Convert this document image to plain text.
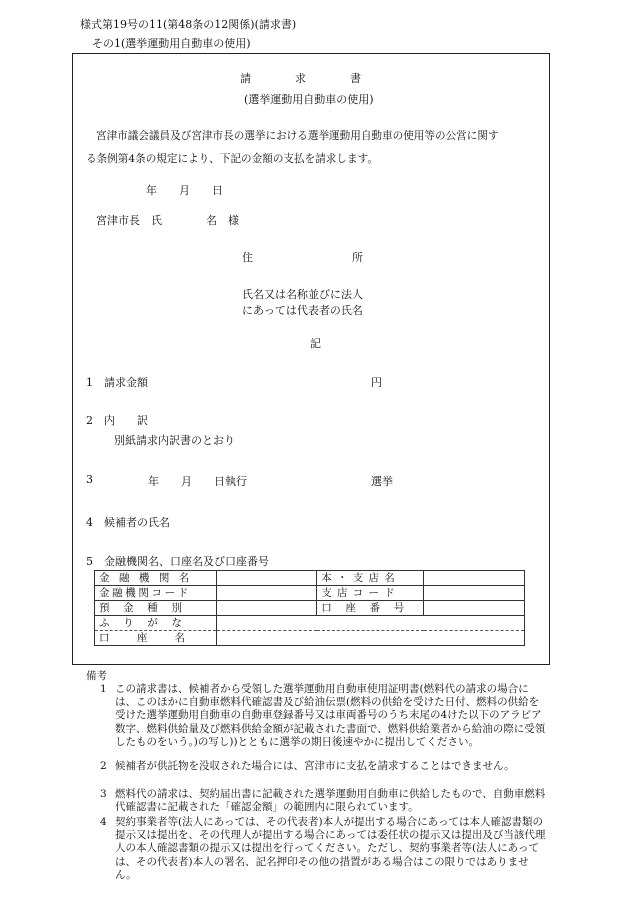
様式第19号の11(第48条の12関係)(請求書)
その1(選挙運動用自動車の使用)
請　　　　求　　　　書
(選挙運動用自動車の使用)
宮津市議会議員及び宮津市長の選挙における選挙運動用自動車の使用等の公営に関す
る条例第4条の規定により、下記の金額の支払を請求します。
年　　月　　日
宮津市長　氏　　　　名　様
住　　　　　　　　　所
氏名又は名称並びに法人
にあっては代表者の氏名
記
1　請求金額	円
2　内　　訳
別紙請求内訳書のとおり
3	年　　月　　日執行	選挙
4　候補者の氏名
5　金融機関名、口座名及び口座番号
金融機関名		本・支店名	
金融機関コード		支店コード	
預金種別		口座番号	
ふりがな			
口座名			
備考
1 この請求書は、候補者から受領した選挙運動用自動車使用証明書(燃料代の請求の場合には、このほかに自動車燃料代確認書及び給油伝票(燃料の供給を受けた日付、燃料の供給を受けた選挙運動用自動車の自動車登録番号又は車両番号のうち末尾の4けた以下のアラビア数字、燃料供給量及び燃料供給金額が記載された書面で、燃料供給業者から給油の際に受領したものをいう。)の写し))とともに選挙の期日後速やかに提出してください。
2 候補者が供託物を没収された場合には、宮津市に支払を請求することはできません。
3 燃料代の請求は、契約届出書に記載された選挙運動用自動車に供給したもので、自動車燃料代確認書に記載された「確認金額」の範囲内に限られています。
4 契約事業者等(法人にあっては、その代表者)本人が提出する場合にあっては本人確認書類の提示又は提出を、その代理人が提出する場合にあっては委任状の提示又は提出及び当該代理人の本人確認書類の提示又は提出を行ってください。ただし、契約事業者等(法人にあっては、その代表者)本人の署名、記名押印その他の措置がある場合はこの限りではありません。
